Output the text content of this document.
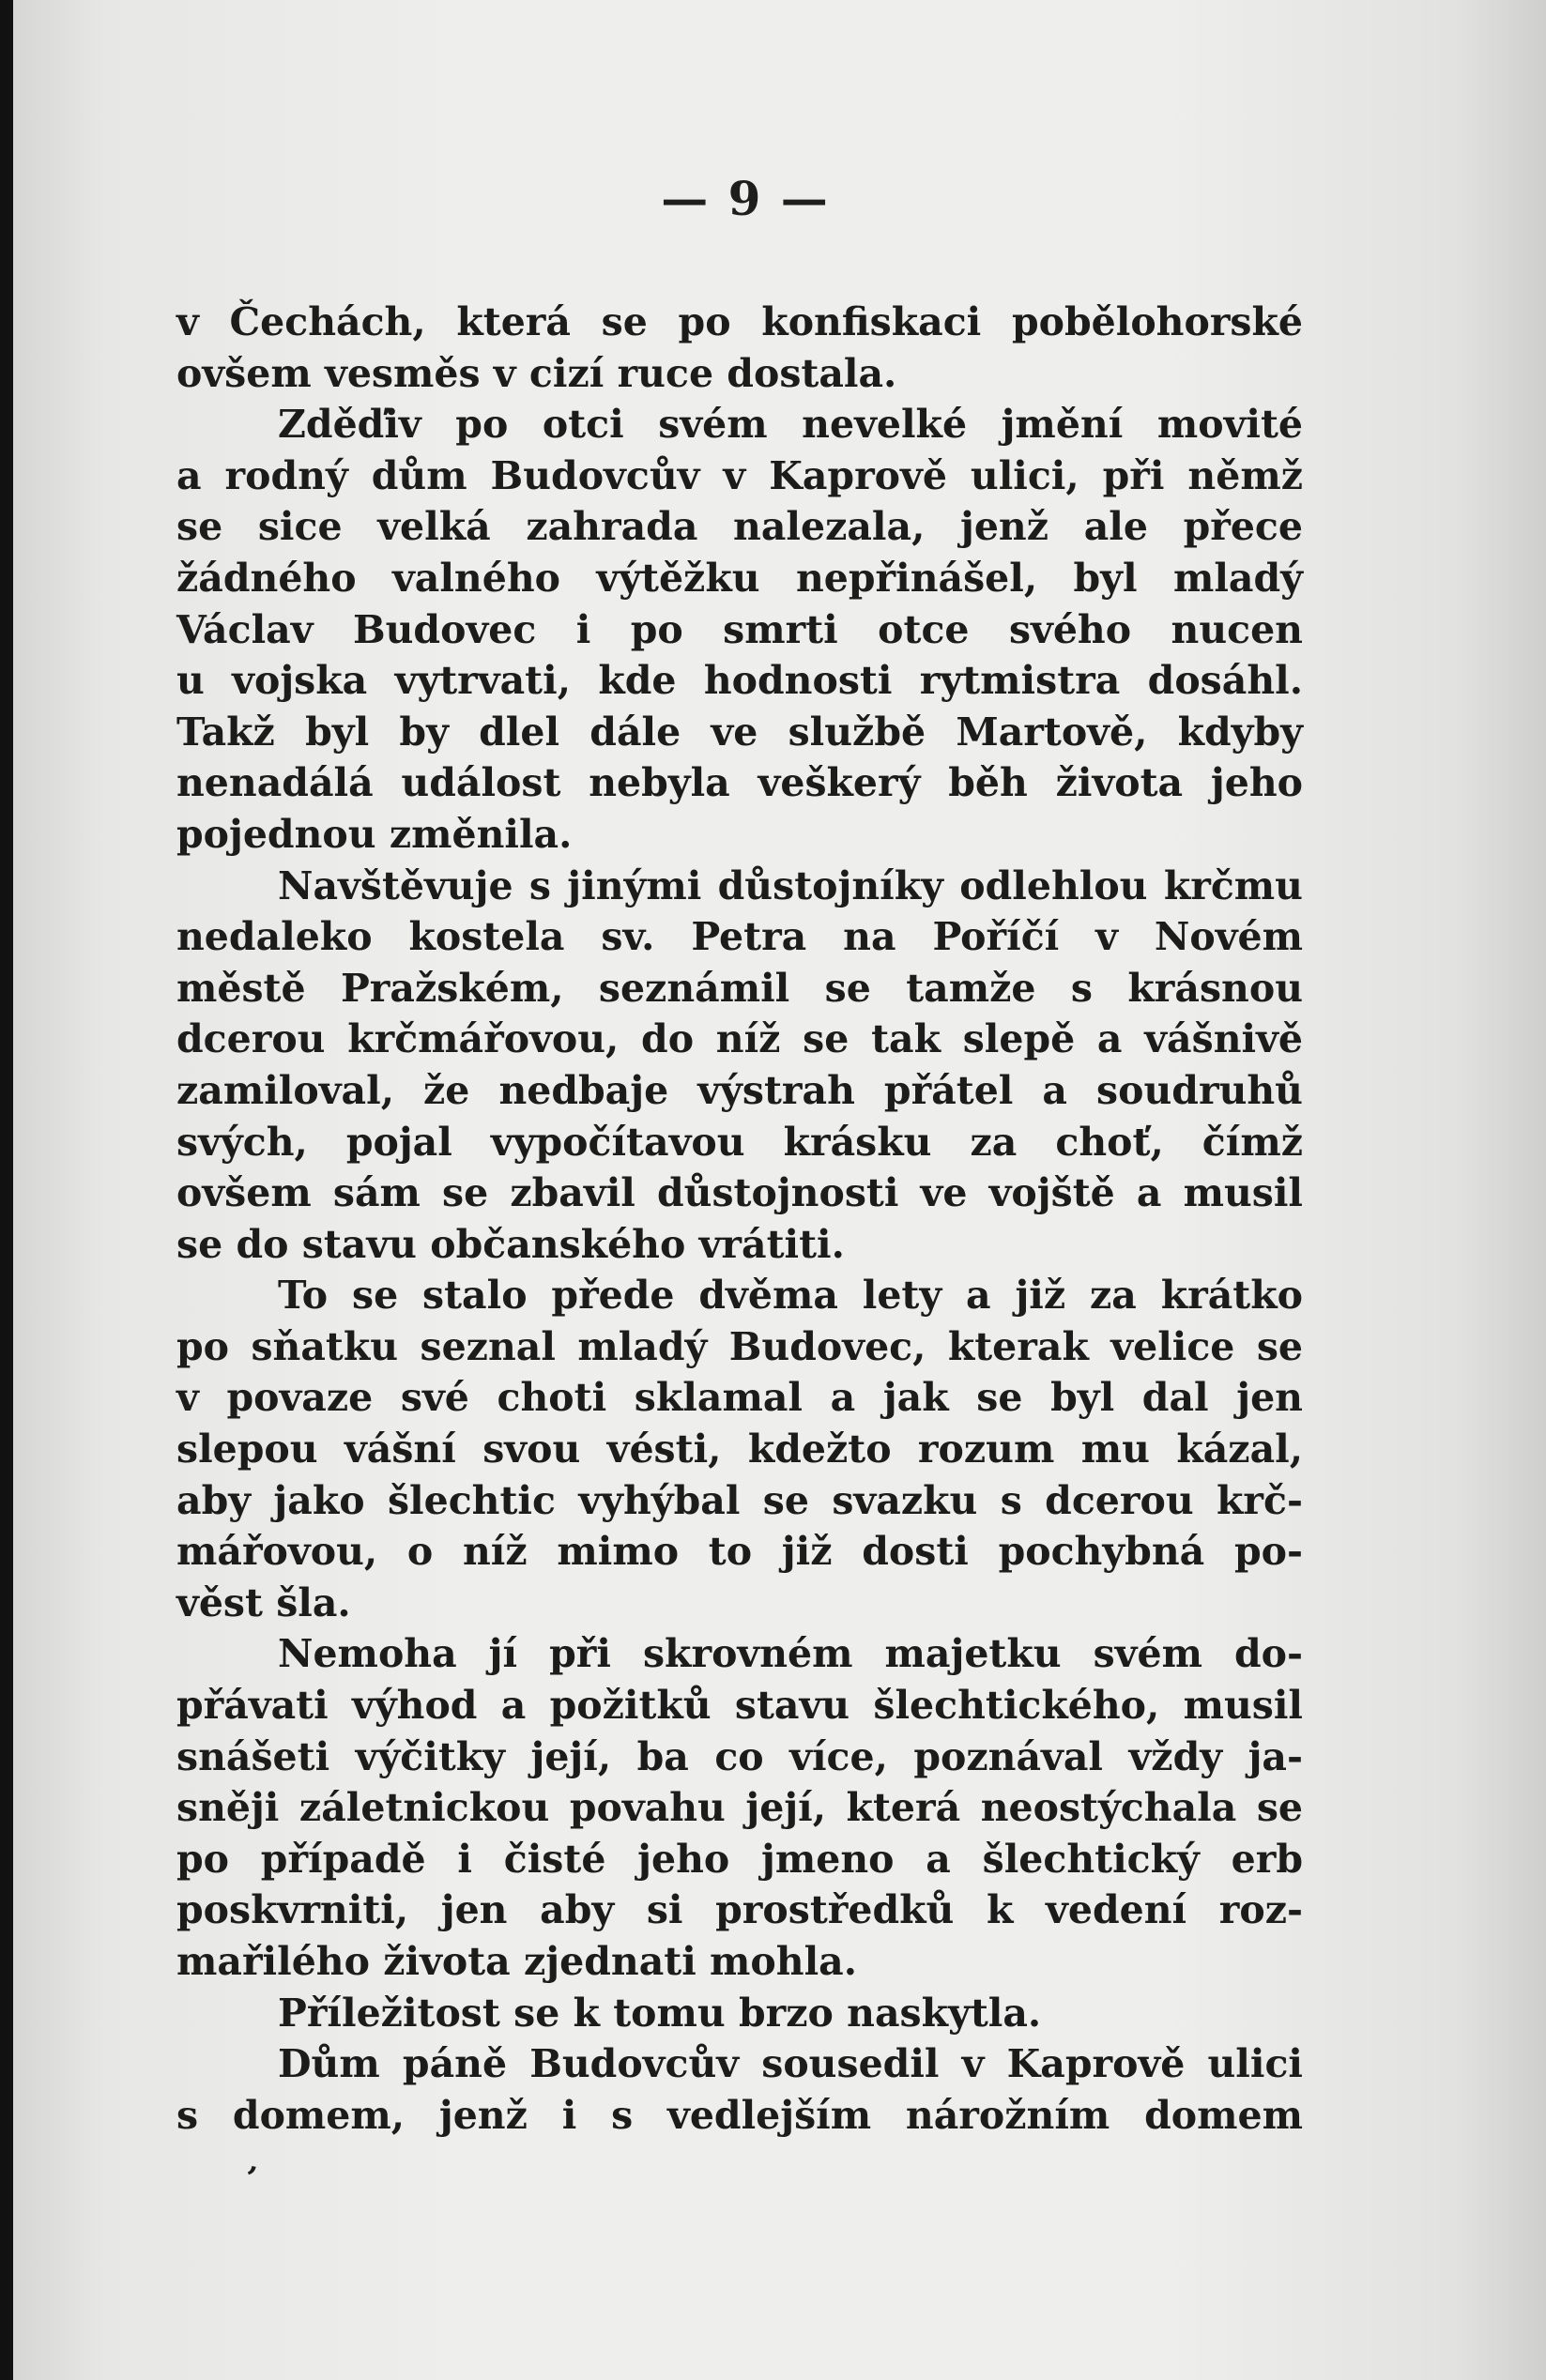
— 9 —
v Čechách, která se po konfiskaci pobělohorské
ovšem vesměs v cizí ruce dostala.
Zděďiv po otci svém nevelké jmění movité
a rodný dům Budovcův v Kaprově ulici, při němž
se sice velká zahrada nalezala, jenž ale přece
žádného valného výtěžku nepřinášel, byl mladý
Václav Budovec i po smrti otce svého nucen
u vojska vytrvati, kde hodnosti rytmistra dosáhl.
Takž byl by dlel dále ve službě Martově, kdyby
nenadálá událost nebyla veškerý běh života jeho
pojednou změnila.
Navštěvuje s jinými důstojníky odlehlou krčmu
nedaleko kostela sv. Petra na Poříčí v Novém
městě Pražském, seznámil se tamže s krásnou
dcerou krčmářovou, do níž se tak slepě a vášnivě
zamiloval, že nedbaje výstrah přátel a soudruhů
svých, pojal vypočítavou krásku za choť, čímž
ovšem sám se zbavil důstojnosti ve vojště a musil
se do stavu občanského vrátiti.
To se stalo přede dvěma lety a již za krátko
po sňatku seznal mladý Budovec, kterak velice se
v povaze své choti sklamal a jak se byl dal jen
slepou vášní svou vésti, kdežto rozum mu kázal,
aby jako šlechtic vyhýbal se svazku s dcerou krč-
mářovou, o níž mimo to již dosti pochybná po-
věst šla.
Nemoha jí při skrovném majetku svém do-
přávati výhod a požitků stavu šlechtického, musil
snášeti výčitky její, ba co více, poznával vždy ja-
sněji záletnickou povahu její, která neostýchala se
po případě i čisté jeho jmeno a šlechtický erb
poskvrniti, jen aby si prostředků k vedení roz-
mařilého života zjednati mohla.
Příležitost se k tomu brzo naskytla.
Dům páně Budovcův sousedil v Kaprově ulici
s domem, jenž i s vedlejším nárožním domem
ʼ
